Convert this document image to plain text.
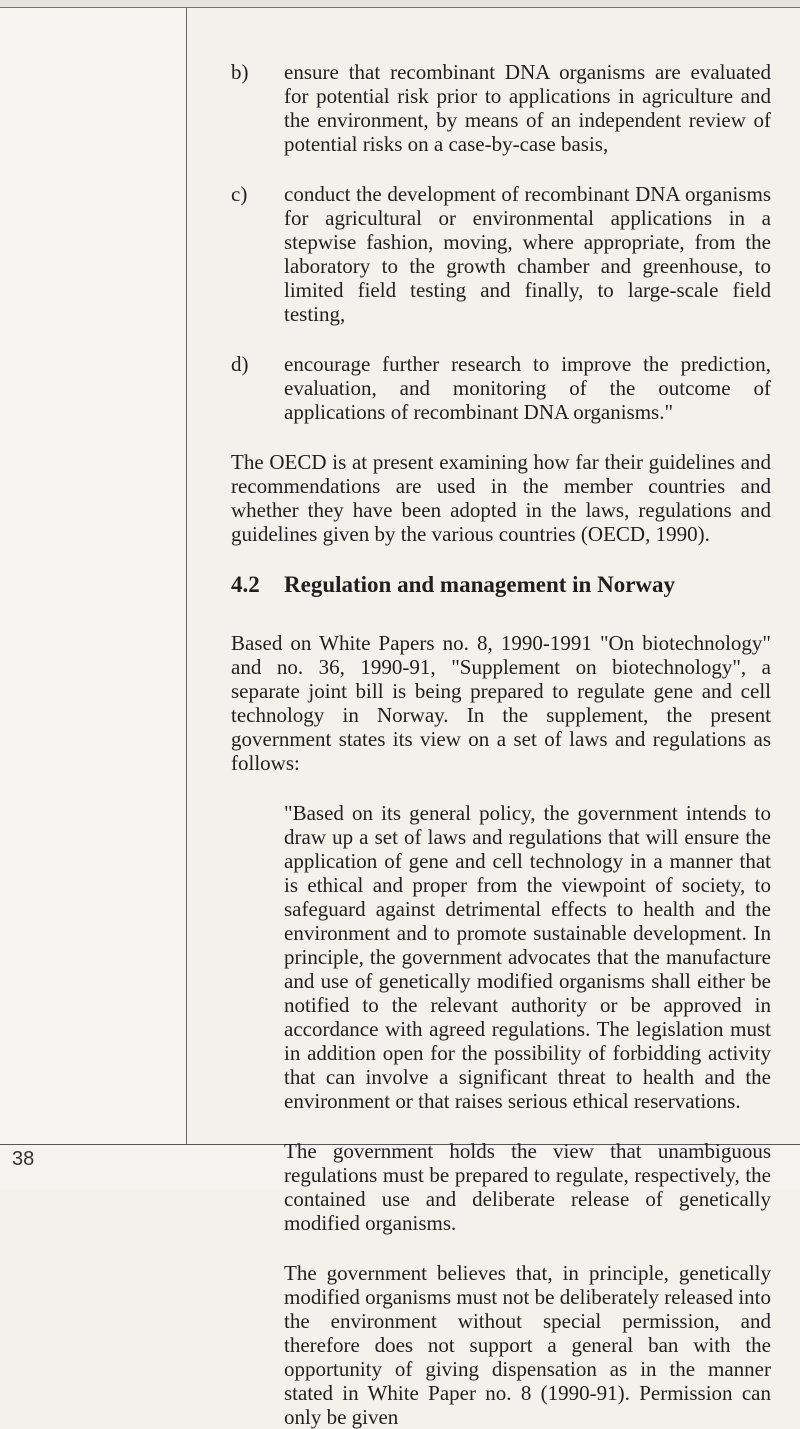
38
b) ensure that recombinant DNA organisms are evaluated for potential risk prior to applications in agriculture and the environment, by means of an independent review of potential risks on a case-by-case basis,
c) conduct the development of recombinant DNA organisms for agricultural or environmental applications in a stepwise fashion, moving, where appropriate, from the laboratory to the growth chamber and greenhouse, to limited field testing and finally, to large-scale field testing,
d) encourage further research to improve the prediction, evaluation, and monitoring of the outcome of applications of recombinant DNA organisms."

The OECD is at present examining how far their guidelines and recommendations are used in the member countries and whether they have been adopted in the laws, regulations and guidelines given by the various countries (OECD, 1990).

4.2 Regulation and management in Norway

Based on White Papers no. 8, 1990-1991 "On biotechnology" and no. 36, 1990-91, "Supplement on biotechnology", a separate joint bill is being prepared to regulate gene and cell technology in Norway. In the supplement, the present government states its view on a set of laws and regulations as follows:

"Based on its general policy, the government intends to draw up a set of laws and regulations that will ensure the application of gene and cell technology in a manner that is ethical and proper from the viewpoint of society, to safeguard against detrimental effects to health and the environment and to promote sustainable development. In principle, the government advocates that the manufacture and use of genetically modified organisms shall either be notified to the relevant authority or be approved in accordance with agreed regulations. The legislation must in addition open for the possibility of forbidding activity that can involve a significant threat to health and the environment or that raises serious ethical reservations.

The government holds the view that unambiguous regulations must be prepared to regulate, respectively, the contained use and deliberate release of genetically modified organisms.

The government believes that, in principle, genetically modified organisms must not be deliberately released into the environment without special permission, and therefore does not support a general ban with the opportunity of giving dispensation as in the manner stated in White Paper no. 8 (1990-91). Permission can only be given
